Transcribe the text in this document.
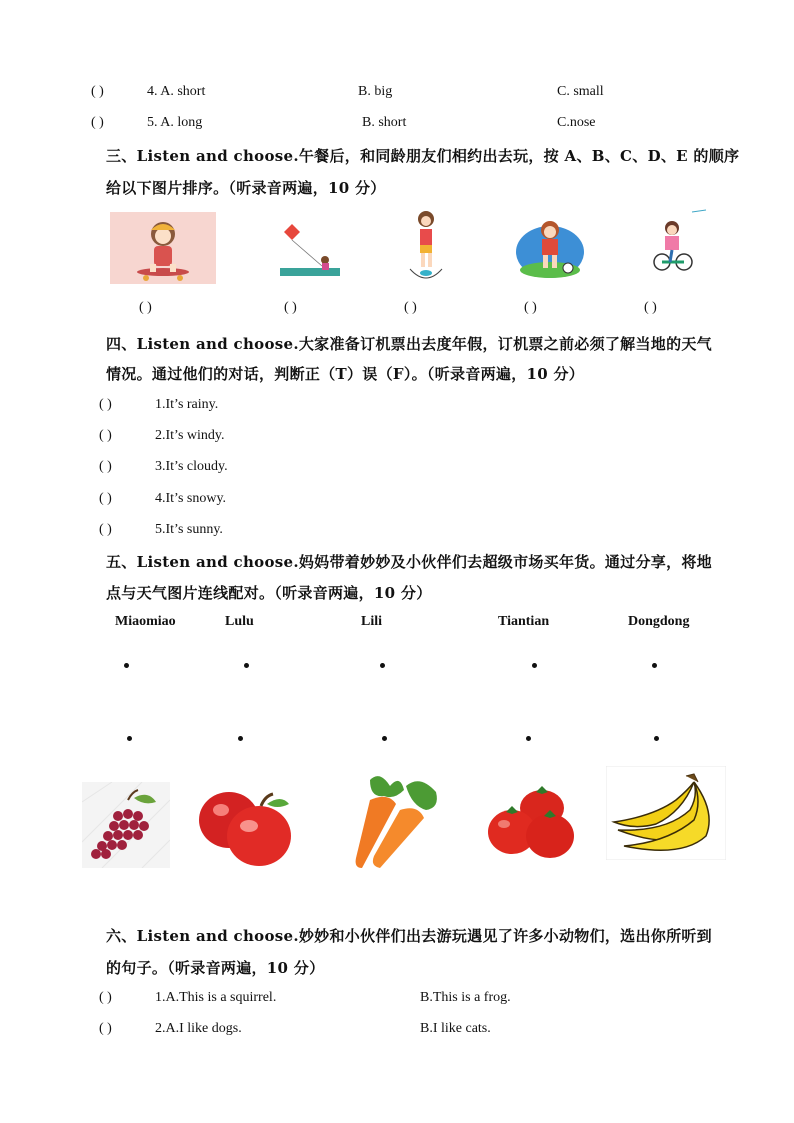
( )	4. A. short	B. big	C. small
( )	5. A. long	B. short	C.nose
三、Listen and choose.午餐后，和同龄朋友们相约出去玩，按 A、B、C、D、E 的顺序
给以下图片排序。（听录音两遍，10 分）
( )	( )	( )	( )	( )
四、Listen and choose.大家准备订机票出去度年假，订机票之前必须了解当地的天气
情况。通过他们的对话，判断正（T）误（F）。（听录音两遍，10 分）
( )	1.It’s rainy.
( )	2.It’s windy.
( )	3.It’s cloudy.
( )	4.It’s snowy.
( )	5.It’s sunny.
五、Listen and choose.妈妈带着妙妙及小伙伴们去超级市场买年货。通过分享，将地
点与天气图片连线配对。（听录音两遍，10 分）
Miaomiao	Lulu	Lili	Tiantian	Dongdong
六、Listen and choose.妙妙和小伙伴们出去游玩遇见了许多小动物们，选出你所听到
的句子。（听录音两遍，10 分）
( )	1.A.This is a squirrel.	B.This is a frog.
( )	2.A.I like dogs.	B.I like cats.
